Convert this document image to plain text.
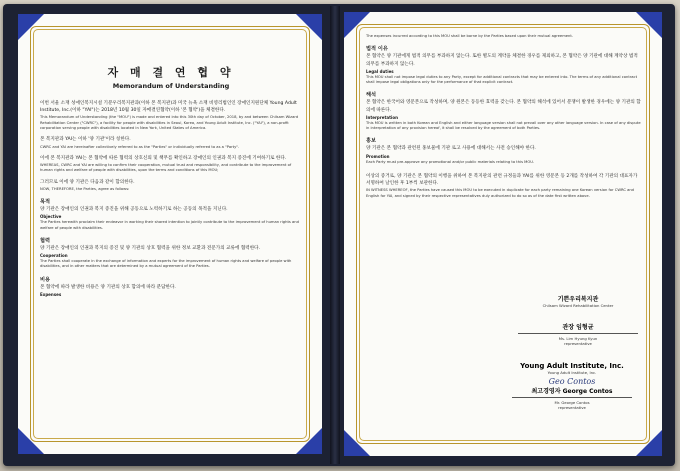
자 매 결 연 협 약
Memorandum of Understanding

이번 서울 소재 성애인복지시설 기분우리복지관과(이하 본 복지관)과 미국 뉴욕 소재 비영리법인인 장애인지원단체 Young Adult Institute, Inc.(이하 "YAI")는 2018년 10월 30일 자매결연협약(이하 '본 협약')을 체결한다.

This Memorandum of Understanding (the "MOU") is made and entered into this 30th day of October, 2018, by and between Chilsam Wizard Rehabilitation Center ("CWRC"), a facility for people with disabilities in Seoul, Korea, and Young Adult Institute, Inc. ("YAI"), a non-profit corporation serving people with disabilities located in New York, United States of America.

본 복지관과 YAI는 이하 '양 기관'이라 칭한다.

CWRC and YAI are hereinafter collectively referred to as the "Parties" or individually referred to as a "Party".

이에 본 복지관과 YAI는 본 협약에 따른 협력의 상호신뢰 및 책무를 확인하고 장애인의 인권과 복지 증진에 기여하기로 한다.

WHEREAS, CWRC and YAI are willing to confirm their cooperation, mutual trust and responsibility, and contribute to the improvement of human rights and welfare of people with disabilities, upon the terms and conditions of this MOU;

그러므로 이에 양 기관은 다음과 같이 합의한다.

NOW, THEREFORE, the Parties, agree as follows:

목적

양 기관은 장애인의 인권과 복지 증진을 위해 공동으로 노력하기로 하는 공동의 목적을 지닌다.

Objective

The Parties herewith proclaim their endeavor in working their shared intention to jointly contribute to the improvement of human rights and welfare of people with disabilities.

협력

양 기관은 장애인의 인권과 복지의 증진 및 양 기관의 상호 협력을 위한 정보 교환과 전문가의 교류에 협력한다.

Cooperation

The Parties shall cooperate in the exchange of information and experts for the improvement of human rights and welfare of people with disabilities, and in other matters that are determined by a mutual agreement of the Parties.

비용

본 협약에 따라 발생한 비용은 양 기관의 상호 합의에 따라 분담한다.

Expenses

The expenses incurred according to this MOU shall be borne by the Parties based upon their mutual agreement.

법적 이유

본 협약은 양 기관에게 법적 의무를 부과하지 않는다. 또한 별도의 계약을 체결한 경우를 제외하고, 본 협약은 양 기관에 대해 계약상 법적 의무를 부과하지 않는다.

Legal duties

This MOU shall not impose legal duties to any Party, except for additional contracts that may be entered into. The terms of any additional contract shall impose legal obligations only for the performance of that explicit contract.

해석

본 협약은 한국어와 영문본으로 작성하며, 양 원본은 동등한 효력을 갖는다. 본 협약의 해석에 있어서 분쟁이 발생한 경우에는 양 기관의 합의에 따른다.

Interpretation

This MOU is written in both Korean and English and either language version shall not prevail over any other language version. In case of any dispute in interpretation of any provision hereof, it shall be resolved by the agreement of both Parties.

홍보

양 기관은 본 협약과 관련된 홍보물에 기관 로고 사용에 대해서는 사전 승인해야 한다.

Promotion

Each Party must pre-approve any promotional and/or public materials relating to this MOU.

이상의 증거로, 양 기관은 본 협약의 이행을 위하여 본 복지관의 관련 규정들과 YAI를 위한 영문본 등 2개를 작성하여 각 기관의 대표자가 서명하여 날인한 후 1부씩 보관한다.

IN WITNESS WHEREOF, the Parties have caused this MOU to be executed in duplicate for each party remaining one Korean version for CWRC and English for YAI, and signed by their respective representatives duly authorized to do so as of the date first written above.

기쁜우리복지관
Chilsam Wizard Rehabilitation Center
관장 임형균
Ms. Lim Hyung Kyun
representative
Young Adult Institute, Inc.
Young Adult Institute, Inc.
Geo Contos
최고경영자 George Contos
Mr. George Contos
representative
